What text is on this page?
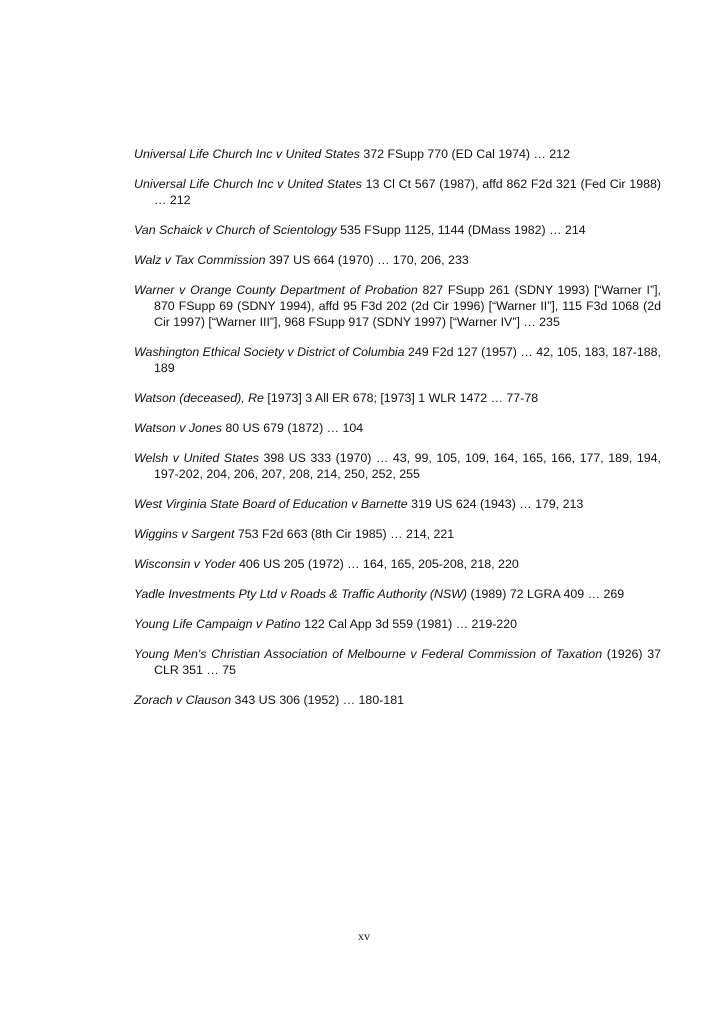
Universal Life Church Inc v United States 372 FSupp 770 (ED Cal 1974) … 212

Universal Life Church Inc v United States 13 Cl Ct 567 (1987), affd 862 F2d 321 (Fed Cir 1988) … 212

Van Schaick v Church of Scientology 535 FSupp 1125, 1144 (DMass 1982) … 214

Walz v Tax Commission 397 US 664 (1970) … 170, 206, 233

Warner v Orange County Department of Probation 827 FSupp 261 (SDNY 1993) [“Warner I”], 870 FSupp 69 (SDNY 1994), affd 95 F3d 202 (2d Cir 1996) [“Warner II”], 115 F3d 1068 (2d Cir 1997) [“Warner III”], 968 FSupp 917 (SDNY 1997) [“Warner IV”] … 235

Washington Ethical Society v District of Columbia 249 F2d 127 (1957) … 42, 105, 183, 187-188, 189

Watson (deceased), Re [1973] 3 All ER 678; [1973] 1 WLR 1472 … 77-78

Watson v Jones 80 US 679 (1872) … 104

Welsh v United States 398 US 333 (1970) … 43, 99, 105, 109, 164, 165, 166, 177, 189, 194, 197-202, 204, 206, 207, 208, 214, 250, 252, 255

West Virginia State Board of Education v Barnette 319 US 624 (1943) … 179, 213

Wiggins v Sargent 753 F2d 663 (8th Cir 1985) … 214, 221

Wisconsin v Yoder 406 US 205 (1972) … 164, 165, 205-208, 218, 220

Yadle Investments Pty Ltd v Roads & Traffic Authority (NSW) (1989) 72 LGRA 409 … 269

Young Life Campaign v Patino 122 Cal App 3d 559 (1981) … 219-220

Young Men's Christian Association of Melbourne v Federal Commission of Taxation (1926) 37 CLR 351 … 75

Zorach v Clauson 343 US 306 (1952) … 180-181

xv
